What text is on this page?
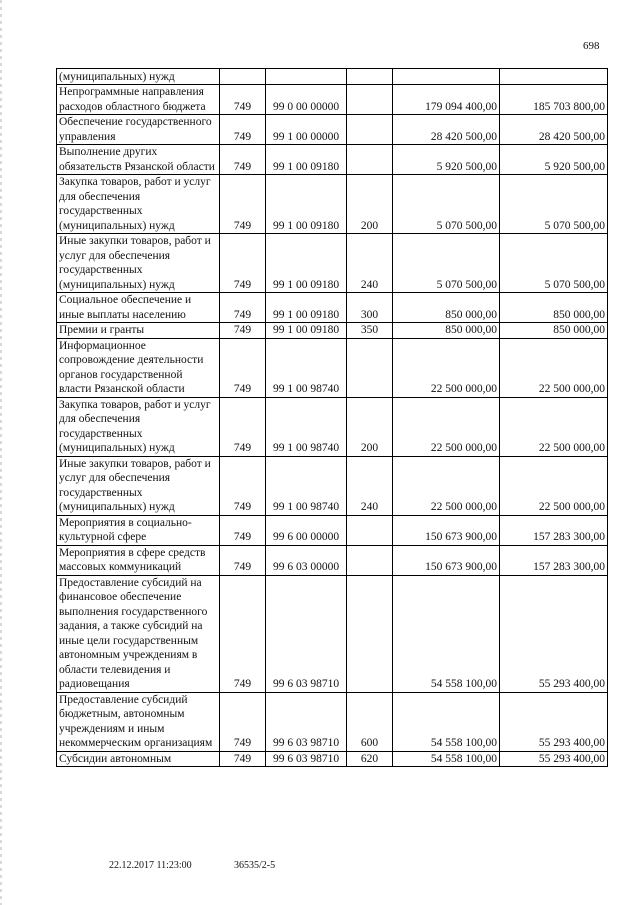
698
(муниципальных) нужд					
Непрограммные направления расходов областного бюджета	749	99 0 00 00000		179 094 400,00	185 703 800,00
Обеспечение государственного управления	749	99 1 00 00000		28 420 500,00	28 420 500,00
Выполнение других обязательств Рязанской области	749	99 1 00 09180		5 920 500,00	5 920 500,00
Закупка товаров, работ и услуг для обеспечения государственных (муниципальных) нужд	749	99 1 00 09180	200	5 070 500,00	5 070 500,00
Иные закупки товаров, работ и услуг для обеспечения государственных (муниципальных) нужд	749	99 1 00 09180	240	5 070 500,00	5 070 500,00
Социальное обеспечение и иные выплаты населению	749	99 1 00 09180	300	850 000,00	850 000,00
Премии и гранты	749	99 1 00 09180	350	850 000,00	850 000,00
Информационное сопровождение деятельности органов государственной власти Рязанской области	749	99 1 00 98740		22 500 000,00	22 500 000,00
Закупка товаров, работ и услуг для обеспечения государственных (муниципальных) нужд	749	99 1 00 98740	200	22 500 000,00	22 500 000,00
Иные закупки товаров, работ и услуг для обеспечения государственных (муниципальных) нужд	749	99 1 00 98740	240	22 500 000,00	22 500 000,00
Мероприятия в социально-культурной сфере	749	99 6 00 00000		150 673 900,00	157 283 300,00
Мероприятия в сфере средств массовых коммуникаций	749	99 6 03 00000		150 673 900,00	157 283 300,00
Предоставление субсидий на финансовое обеспечение выполнения государственного задания, а также субсидий на иные цели государственным автономным учреждениям в области телевидения и радиовещания	749	99 6 03 98710		54 558 100,00	55 293 400,00
Предоставление субсидий бюджетным, автономным учреждениям и иным некоммерческим организациям	749	99 6 03 98710	600	54 558 100,00	55 293 400,00
Субсидии автономным	749	99 6 03 98710	620	54 558 100,00	55 293 400,00
22.12.2017 11:23:00	36535/2-5
